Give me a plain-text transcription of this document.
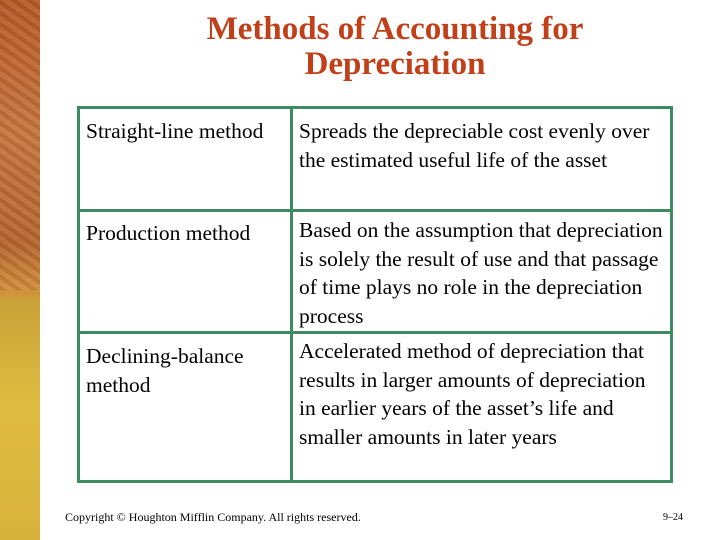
Methods of Accounting for
Depreciation
Straight-line method	Spreads the depreciable cost evenly over the estimated useful life of the asset
Production method	Based on the assumption that depreciation is solely the result of use and that passage of time plays no role in the depreciation process
Declining-balance method	Accelerated method of depreciation that results in larger amounts of depreciation in earlier years of the asset’s life and smaller amounts in later years
Copyright © Houghton Mifflin Company. All rights reserved.	9–24
